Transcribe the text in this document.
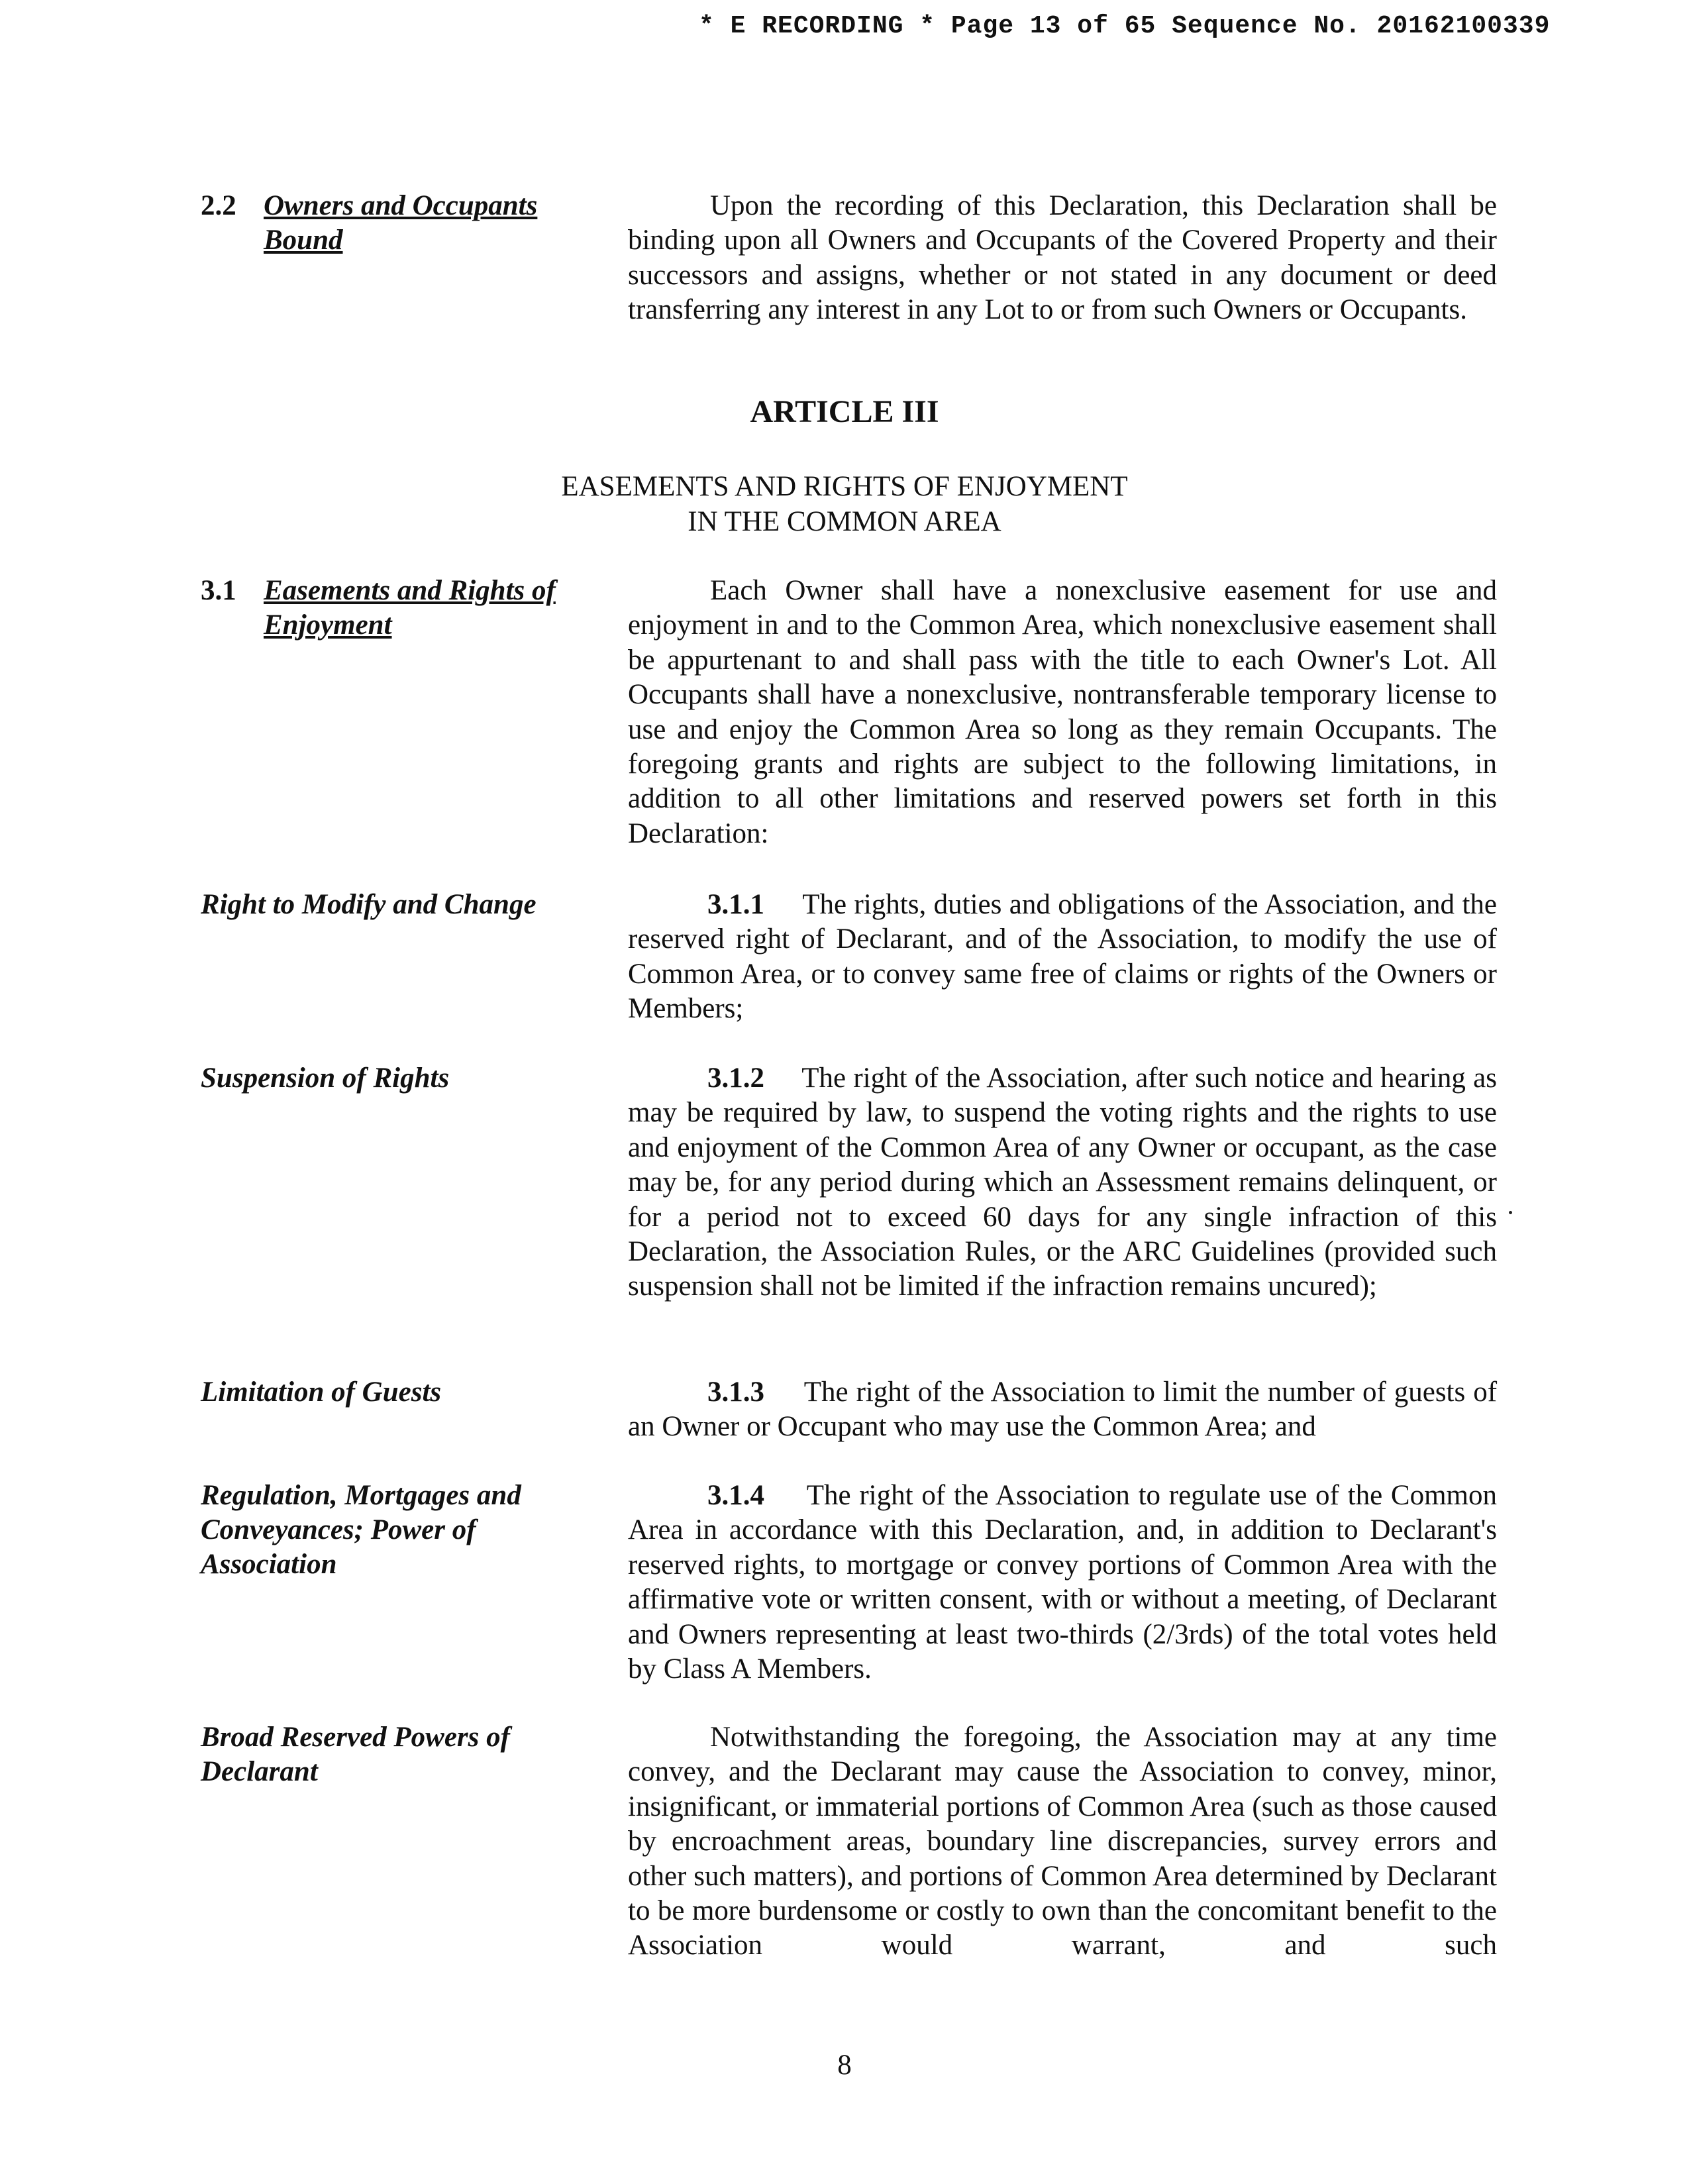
* E RECORDING * Page 13 of 65 Sequence No. 20162100339
2.2 Owners and Occupants
Bound

Upon the recording of this Declaration, this Declaration shall be binding upon all Owners and Occupants of the Covered Property and their successors and assigns, whether or not stated in any document or deed transferring any interest in any Lot to or from such Owners or Occupants.

ARTICLE III
EASEMENTS AND RIGHTS OF ENJOYMENT
IN THE COMMON AREA
3.1 Easements and Rights of
Enjoyment

Each Owner shall have a nonexclusive easement for use and enjoyment in and to the Common Area, which nonexclusive easement shall be appurtenant to and shall pass with the title to each Owner's Lot. All Occupants shall have a nonexclusive, nontransferable temporary license to use and enjoy the Common Area so long as they remain Occupants. The foregoing grants and rights are subject to the following limitations, in addition to all other limitations and reserved powers set forth in this Declaration:

Right to Modify and Change	3.1.1 The rights, duties and obligations of the Association, and the reserved right of Declarant, and of the Association, to modify the use of Common Area, or to convey same free of claims or rights of the Owners or Members;

Suspension of Rights	3.1.2 The right of the Association, after such notice and hearing as may be required by law, to suspend the voting rights and the rights to use and enjoyment of the Common Area of any Owner or occupant, as the case may be, for any period during which an Assessment remains delinquent, or for a period not to exceed 60 days for any single infraction of this Declaration, the Association Rules, or the ARC Guidelines (provided such suspension shall not be limited if the infraction remains uncured);

Limitation of Guests	3.1.3 The right of the Association to limit the number of guests of an Owner or Occupant who may use the Common Area; and

Regulation, Mortgages and
Conveyances; Power of
Association

3.1.4 The right of the Association to regulate use of the Common Area in accordance with this Declaration, and, in addition to Declarant's reserved rights, to mortgage or convey portions of Common Area with the affirmative vote or written consent, with or without a meeting, of Declarant and Owners representing at least two-thirds (2/3rds) of the total votes held by Class A Members.

Broad Reserved Powers of
Declarant

Notwithstanding the foregoing, the Association may at any time convey, and the Declarant may cause the Association to convey, minor, insignificant, or immaterial portions of Common Area (such as those caused by encroachment areas, boundary line discrepancies, survey errors and other such matters), and portions of Common Area determined by Declarant to be more burdensome or costly to own than the concomitant benefit to the Association would warrant, and such

8
